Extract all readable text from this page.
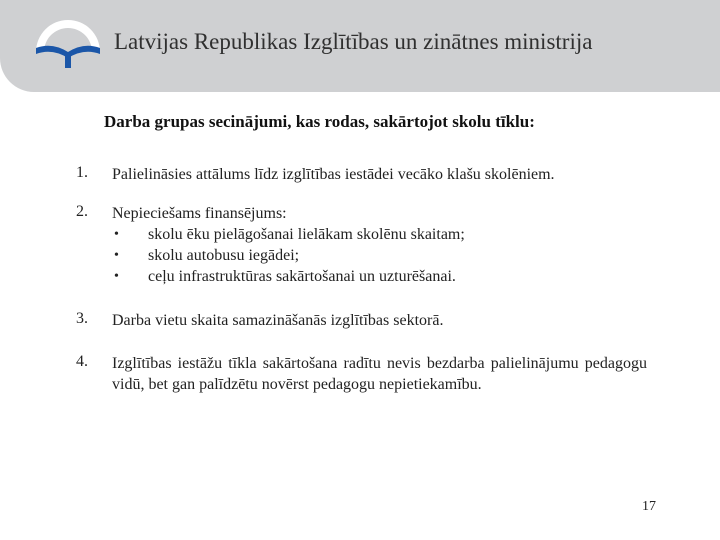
Latvijas Republikas Izglītības un zinātnes ministrija
Darba grupas secinājumi, kas rodas, sakārtojot skolu tīklu:
1. Palielināsies attālums līdz izglītības iestādei vecāko klašu skolēniem.
2. Nepieciešams finansējums:
• skolu ēku pielāgošanai lielākam skolēnu skaitam;
• skolu autobusu iegādei;
• ceļu infrastruktūras sakārtošanai un uzturēšanai.
3. Darba vietu skaita samazināšanās izglītības sektorā.
4. Izglītības iestāžu tīkla sakārtošana radītu nevis bezdarba palielinājumu pedagogu vidū, bet gan palīdzētu novērst pedagogu nepietiekamību.
17
